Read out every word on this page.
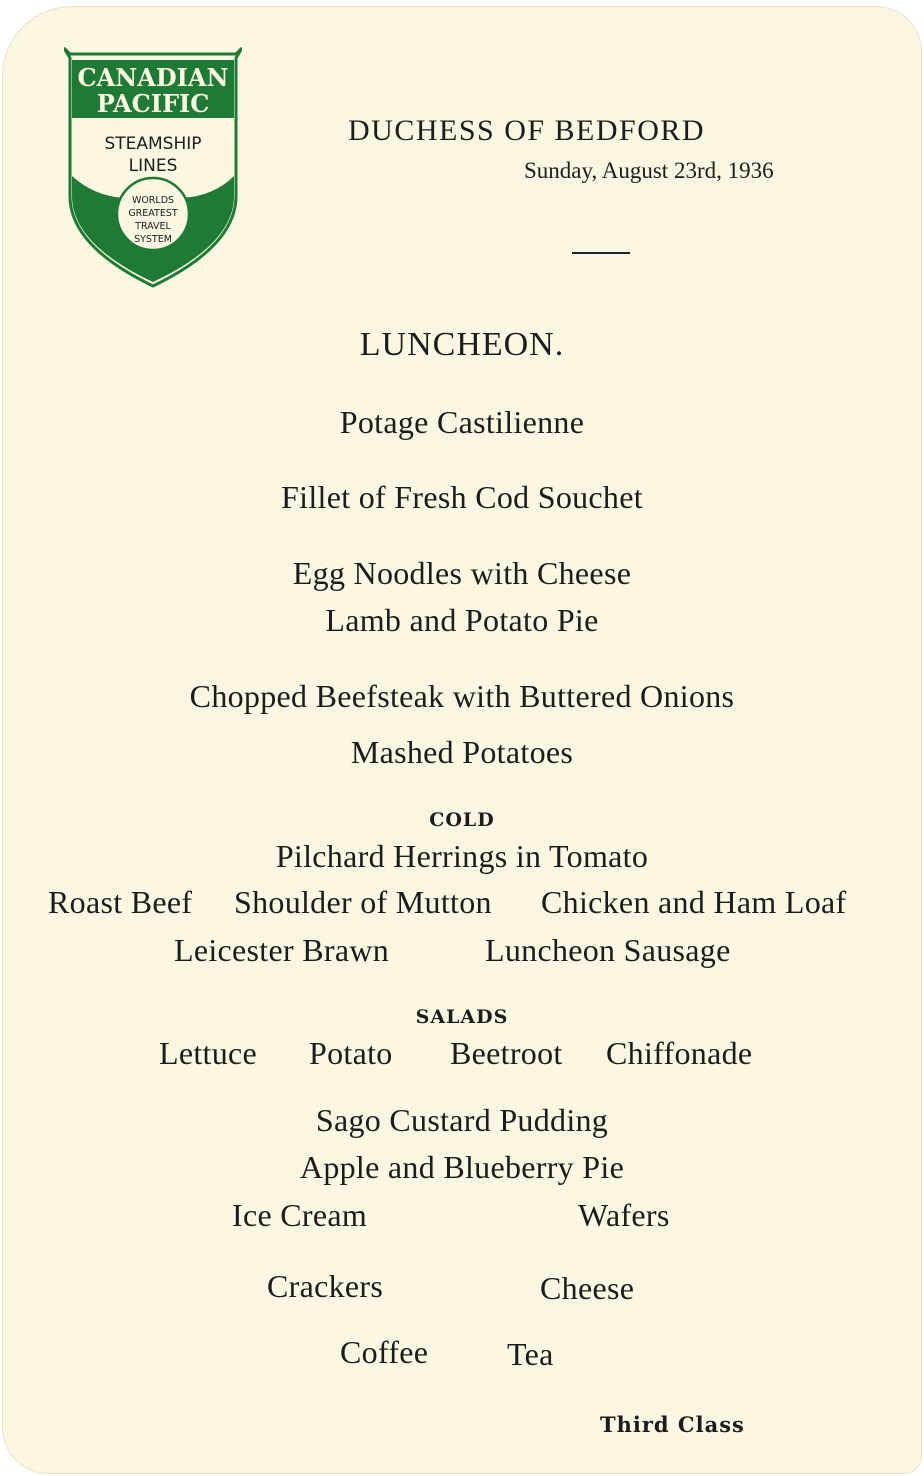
CANADIAN
PACIFIC
STEAMSHIP
LINES
WORLDS
GREATEST
TRAVEL
SYSTEM
DUCHESS OF BEDFORD
Sunday, August 23rd, 1936
LUNCHEON.
Potage Castilienne
Fillet of Fresh Cod Souchet
Egg Noodles with Cheese
Lamb and Potato Pie
Chopped Beefsteak with Buttered Onions
Mashed Potatoes
COLD
Pilchard Herrings in Tomato
Roast Beef Shoulder of Mutton Chicken and Ham Loaf
Leicester Brawn	Luncheon Sausage
SALADS
Lettuce Potato Beetroot Chiffonade
Sago Custard Pudding
Apple and Blueberry Pie
Ice Cream	Wafers
Crackers	Cheese
Coffee Tea
Third Class
